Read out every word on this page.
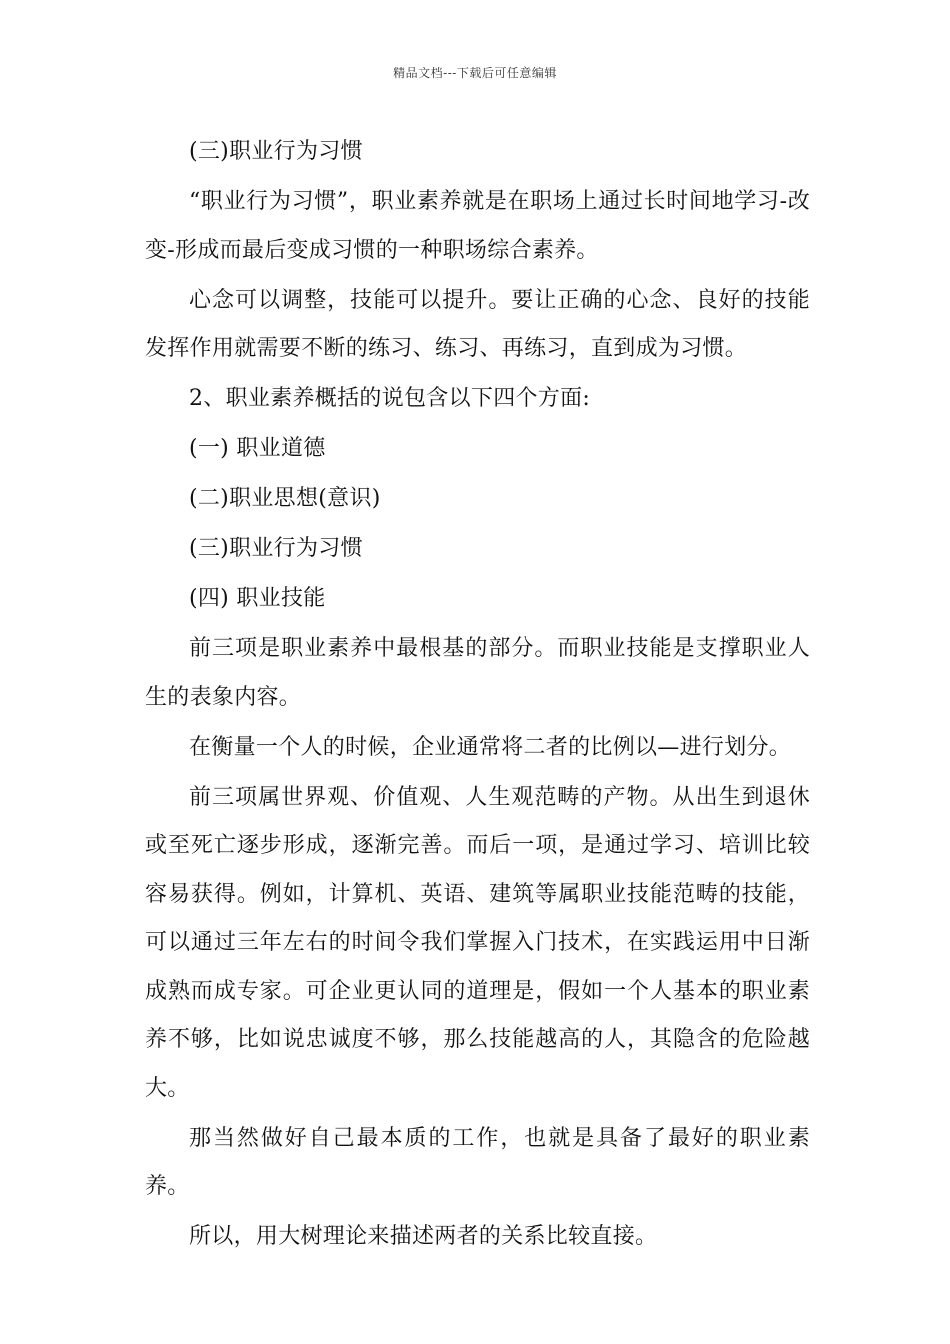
精品文档---下载后可任意编辑

(三)职业行为习惯

“职业行为习惯”，职业素养就是在职场上通过长时间地学习-改变-形成而最后变成习惯的一种职场综合素养。

心念可以调整，技能可以提升。要让正确的心念、良好的技能发挥作用就需要不断的练习、练习、再练习，直到成为习惯。

2、职业素养概括的说包含以下四个方面:

(一) 职业道德

(二)职业思想(意识)

(三)职业行为习惯

(四) 职业技能

前三项是职业素养中最根基的部分。而职业技能是支撑职业人生的表象内容。

在衡量一个人的时候，企业通常将二者的比例以—进行划分。

前三项属世界观、价值观、人生观范畴的产物。从出生到退休或至死亡逐步形成，逐渐完善。而后一项，是通过学习、培训比较容易获得。例如，计算机、英语、建筑等属职业技能范畴的技能，可以通过三年左右的时间令我们掌握入门技术，在实践运用中日渐成熟而成专家。可企业更认同的道理是，假如一个人基本的职业素养不够，比如说忠诚度不够，那么技能越高的人，其隐含的危险越大。

那当然做好自己最本质的工作，也就是具备了最好的职业素养。

所以，用大树理论来描述两者的关系比较直接。
